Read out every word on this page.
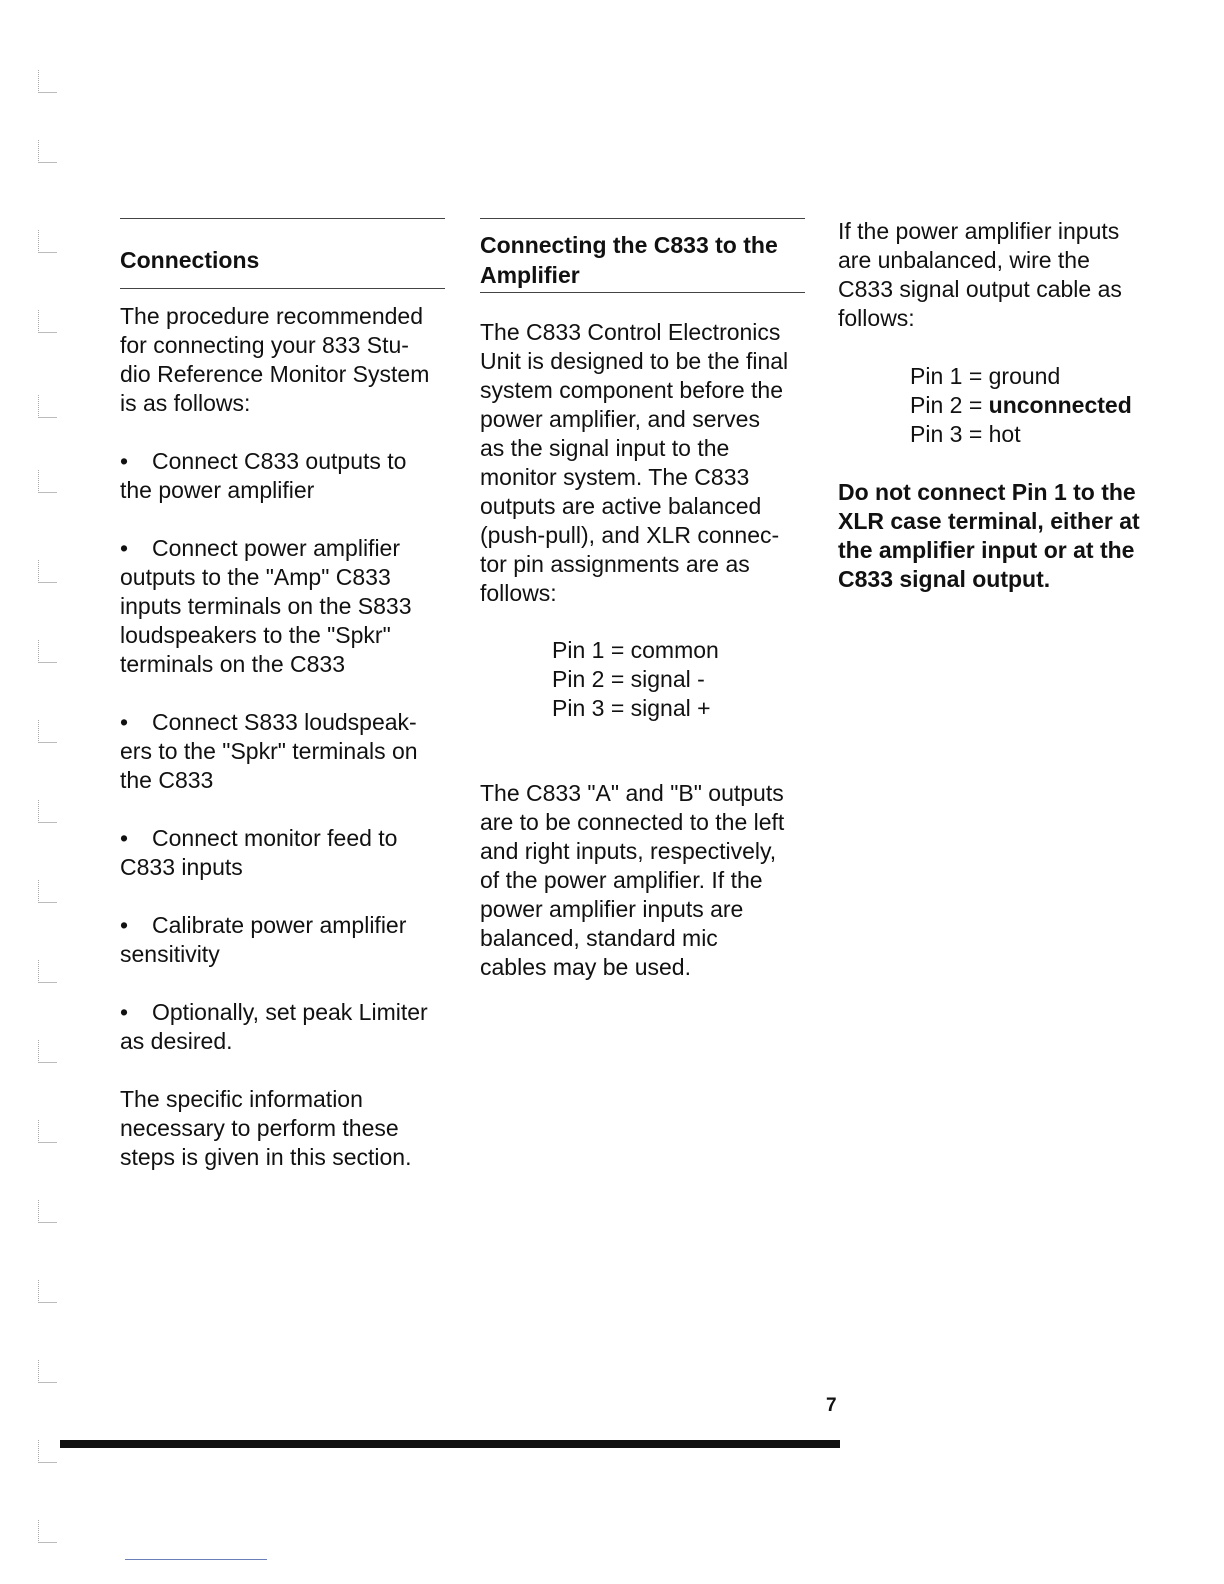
Connections

The procedure recommended

for connecting your 833 Stu-

dio Reference Monitor System

is as follows:

• Connect C833 outputs to

the power amplifier

• Connect power amplifier

outputs to the "Amp" C833

inputs terminals on the S833

loudspeakers to the "Spkr"

terminals on the C833

• Connect S833 loudspeak-

ers to the "Spkr" terminals on

the C833

• Connect monitor feed to

C833 inputs

• Calibrate power amplifier

sensitivity

• Optionally, set peak Limiter

as desired.

The specific information

necessary to perform these

steps is given in this section.

Connecting the C833 to the

Amplifier

The C833 Control Electronics

Unit is designed to be the final

system component before the

power amplifier, and serves

as the signal input to the

monitor system. The C833

outputs are active balanced

(push-pull), and XLR connec-

tor pin assignments are as

follows:

Pin 1 = common

Pin 2 = signal -

Pin 3 = signal +

The C833 "A" and "B" outputs

are to be connected to the left

and right inputs, respectively,

of the power amplifier. If the

power amplifier inputs are

balanced, standard mic

cables may be used.

If the power amplifier inputs

are unbalanced, wire the

C833 signal output cable as

follows:

Pin 1 = ground

Pin 2 = unconnected

Pin 3 = hot

Do not connect Pin 1 to the

XLR case terminal, either at

the amplifier input or at the

C833 signal output.

7
